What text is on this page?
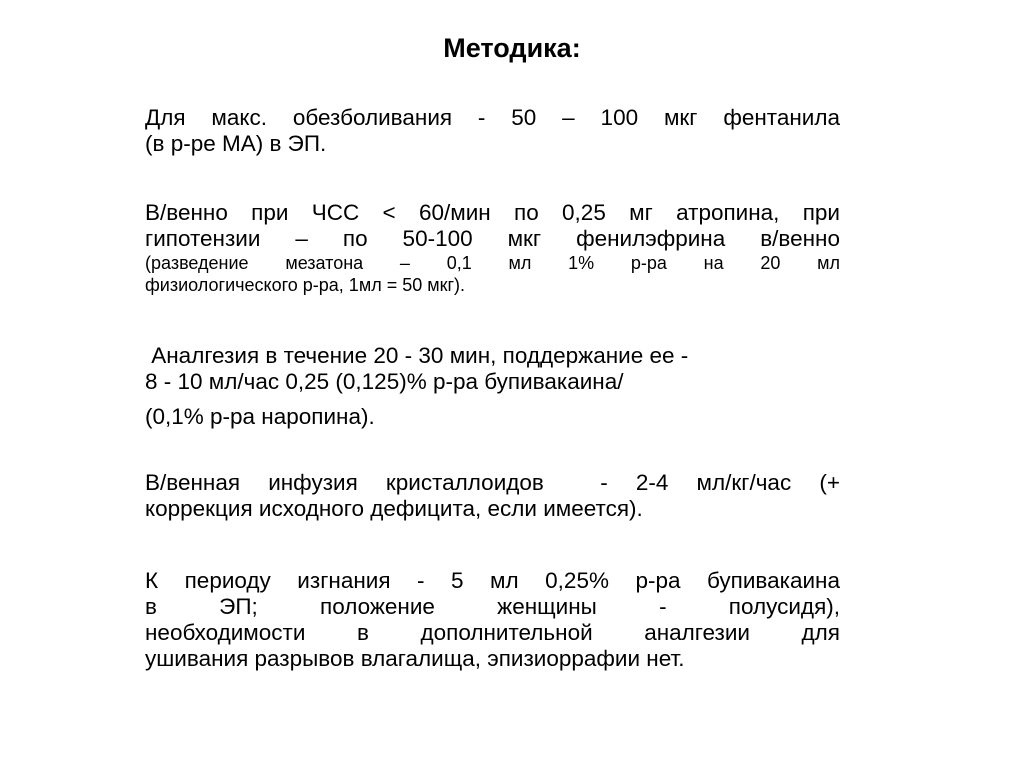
Методика:
Для макс. обезболивания - 50 – 100 мкг фентанила
(в р-ре МА) в ЭП.
В/венно при ЧСС < 60/мин по 0,25 мг атропина, при
гипотензии – по 50-100 мкг фенилэфрина в/венно
(разведение мезатона – 0,1 мл 1% р-ра на 20 мл
физиологического р-ра, 1мл = 50 мкг).
Аналгезия в течение 20 - 30 мин, поддержание ее -
8 - 10 мл/час 0,25 (0,125)% р-ра бупивакаина/
(0,1% р-ра наропина).
В/венная инфузия кристаллоидов  - 2-4 мл/кг/час (+
коррекция исходного дефицита, если имеется).
К периоду изгнания - 5 мл 0,25% р-ра бупивакаина
в ЭП; положение женщины - полусидя),
необходимости в дополнительной аналгезии для
ушивания разрывов влагалища, эпизиоррафии нет.
